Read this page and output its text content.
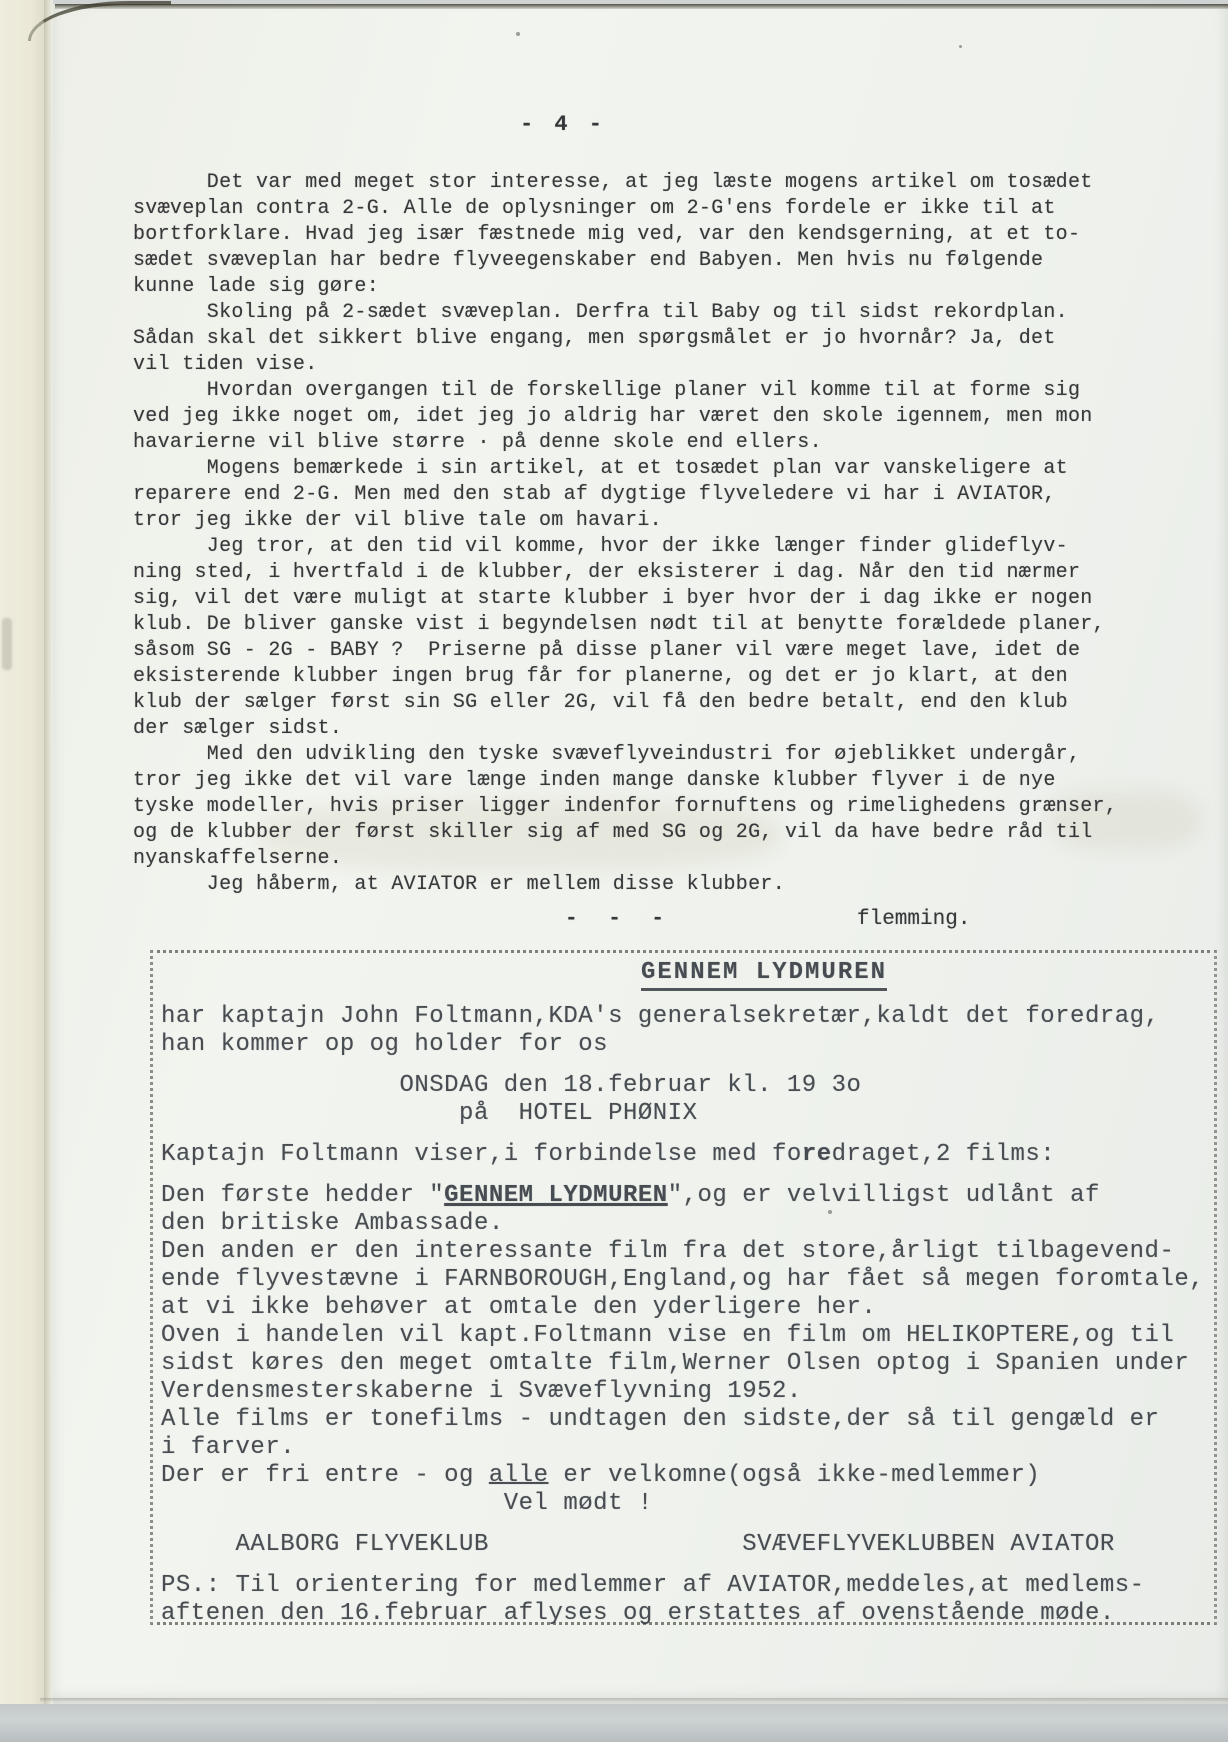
- 4 -
Det var med meget stor interesse, at jeg læste mogens artikel om tosædet
svæveplan contra 2-G. Alle de oplysninger om 2-G'ens fordele er ikke til at
bortforklare. Hvad jeg især fæstnede mig ved, var den kendsgerning, at et to-
sædet svæveplan har bedre flyveegenskaber end Babyen. Men hvis nu følgende
kunne lade sig gøre:
Skoling på 2-sædet svæveplan. Derfra til Baby og til sidst rekordplan.
Sådan skal det sikkert blive engang, men spørgsmålet er jo hvornår? Ja, det
vil tiden vise.
Hvordan overgangen til de forskellige planer vil komme til at forme sig
ved jeg ikke noget om, idet jeg jo aldrig har været den skole igennem, men mon
havarierne vil blive større · på denne skole end ellers.
Mogens bemærkede i sin artikel, at et tosædet plan var vanskeligere at
reparere end 2-G. Men med den stab af dygtige flyveledere vi har i AVIATOR,
tror jeg ikke der vil blive tale om havari.
Jeg tror, at den tid vil komme, hvor der ikke længer finder glideflyv-
ning sted, i hvertfald i de klubber, der eksisterer i dag. Når den tid nærmer
sig, vil det være muligt at starte klubber i byer hvor der i dag ikke er nogen
klub. De bliver ganske vist i begyndelsen nødt til at benytte forældede planer,
såsom SG - 2G - BABY ?  Priserne på disse planer vil være meget lave, idet de
eksisterende klubber ingen brug får for planerne, og det er jo klart, at den
klub der sælger først sin SG eller 2G, vil få den bedre betalt, end den klub
der sælger sidst.
Med den udvikling den tyske svæveflyveindustri for øjeblikket undergår,
tror jeg ikke det vil vare længe inden mange danske klubber flyver i de nye
tyske modeller, hvis priser ligger indenfor fornuftens og rimelighedens grænser,
og de klubber der først skiller sig af med SG og 2G, vil da have bedre råd til
nyanskaffelserne.
Jeg håberm, at AVIATOR er mellem disse klubber.
- - -	flemming.
GENNEM LYDMUREN
har kaptajn John Foltmann,KDA's generalsekretær,kaldt det foredrag,
han kommer op og holder for os
ONSDAG den 18.februar kl. 19 3o
på  HOTEL PHØNIX
Kaptajn Foltmann viser,i forbindelse med foredraget,2 films:
Den første hedder "GENNEM LYDMUREN",og er velvilligst udlånt af
den britiske Ambassade.
Den anden er den interessante film fra det store,årligt tilbagevend-
ende flyvestævne i FARNBOROUGH,England,og har fået så megen foromtale,
at vi ikke behøver at omtale den yderligere her.
Oven i handelen vil kapt.Foltmann vise en film om HELIKOPTERE,og til
sidst køres den meget omtalte film,Werner Olsen optog i Spanien under
Verdensmesterskaberne i Svæveflyvning 1952.
Alle films er tonefilms - undtagen den sidste,der så til gengæld er
i farver.
Der er fri entre - og alle er velkomne(også ikke-medlemmer)
Vel mødt !
AALBORG FLYVEKLUB                 SVÆVEFLYVEKLUBBEN AVIATOR
PS.: Til orientering for medlemmer af AVIATOR,meddeles,at medlems-
aftenen den 16.februar aflyses og erstattes af ovenstående møde.
